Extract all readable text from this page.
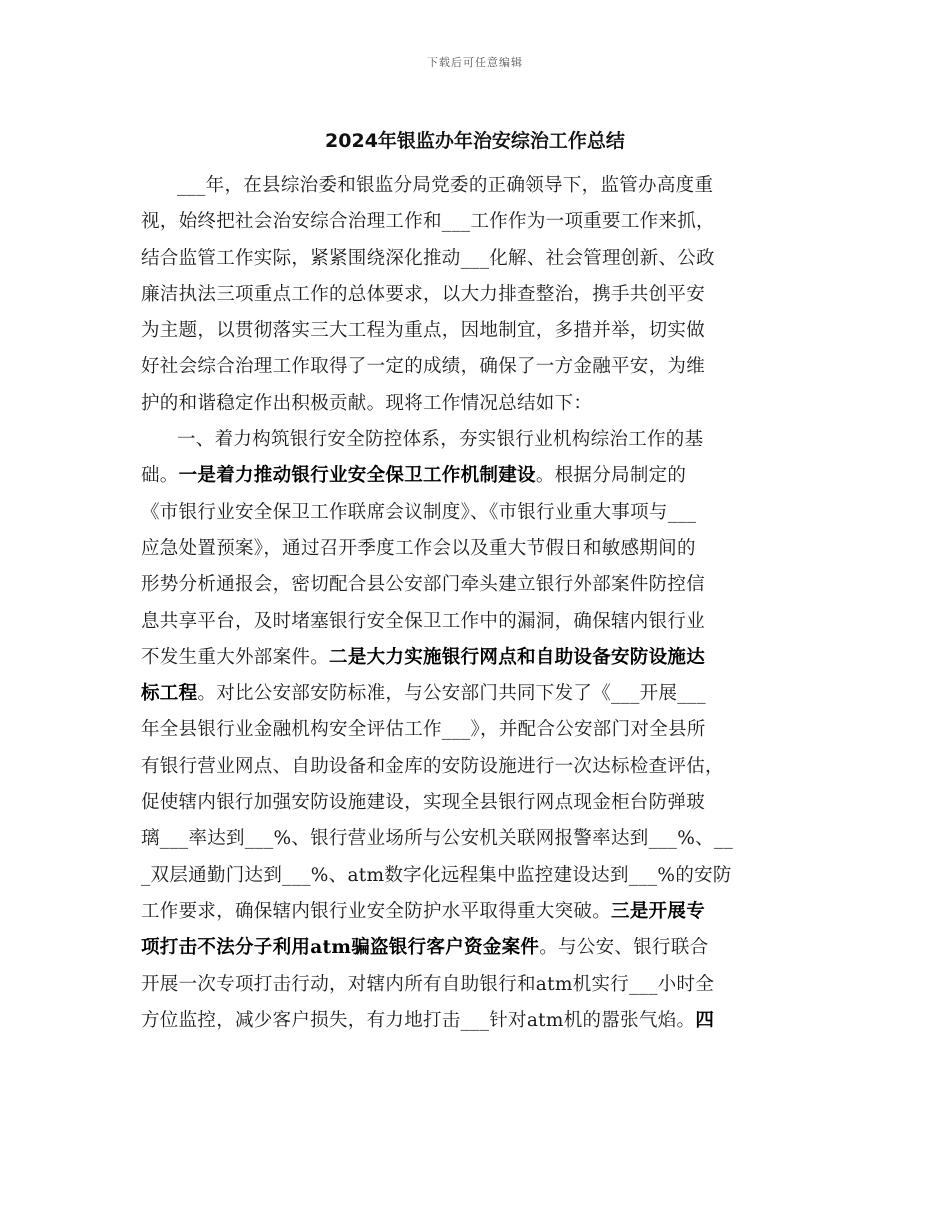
下载后可任意编辑
2024年银监办年治安综治工作总结
___年，在县综治委和银监分局党委的正确领导下，监管办高度重
视，始终把社会治安综合治理工作和___工作作为一项重要工作来抓，
结合监管工作实际，紧紧围绕深化推动___化解、社会管理创新、公政
廉洁执法三项重点工作的总体要求，以大力排查整治，携手共创平安
为主题，以贯彻落实三大工程为重点，因地制宜，多措并举，切实做
好社会综合治理工作取得了一定的成绩，确保了一方金融平安，为维
护的和谐稳定作出积极贡献。现将工作情况总结如下：
一、着力构筑银行安全防控体系，夯实银行业机构综治工作的基
础。一是着力推动银行业安全保卫工作机制建设。根据分局制定的
《市银行业安全保卫工作联席会议制度》、《市银行业重大事项与___
应急处置预案》，通过召开季度工作会以及重大节假日和敏感期间的
形势分析通报会，密切配合县公安部门牵头建立银行外部案件防控信
息共享平台，及时堵塞银行安全保卫工作中的漏洞，确保辖内银行业
不发生重大外部案件。二是大力实施银行网点和自助设备安防设施达
标工程。对比公安部安防标准，与公安部门共同下发了《___开展___
年全县银行业金融机构安全评估工作___》，并配合公安部门对全县所
有银行营业网点、自助设备和金库的安防设施进行一次达标检查评估，
促使辖内银行加强安防设施建设，实现全县银行网点现金柜台防弹玻
璃___率达到___%、银行营业场所与公安机关联网报警率达到___%、__
_双层通勤门达到___%、atm数字化远程集中监控建设达到___%的安防
工作要求，确保辖内银行业安全防护水平取得重大突破。三是开展专
项打击不法分子利用atm骗盗银行客户资金案件。与公安、银行联合
开展一次专项打击行动，对辖内所有自助银行和atm机实行___小时全
方位监控，减少客户损失，有力地打击___针对atm机的嚣张气焰。四
